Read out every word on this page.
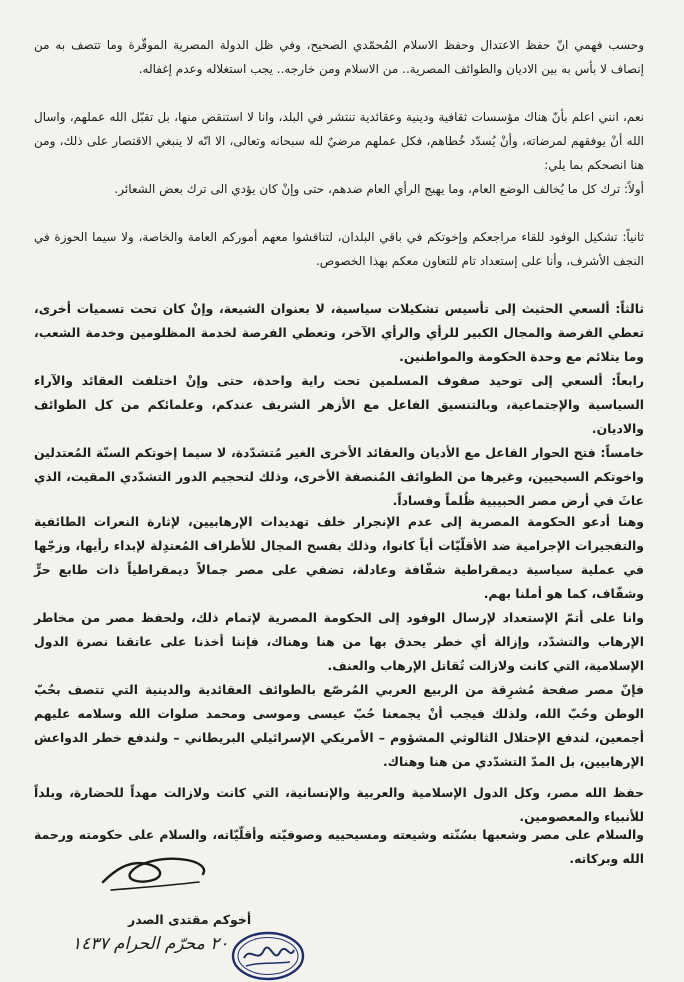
وحسب فهمي انّ حفظ الاعتدال وحفظ الاسلام المُحمّدي الصحيح، وفي ظل الدولة المصرية الموقّرة وما تتصف به من إنصاف لا بأس به بين الاديان والطوائف المصرية.. من الاسلام ومن خارجه.. يجب استغلاله وعدم إغفاله.
نعم، انني اعلم بأنّ هناك مؤسسات ثقافية ودينية وعقائدية تنتشر في البلد، وانا لا استنقص منها، بل تقبّل الله عملهم، واسال الله أنْ يوفقهم لمرضاته، وأنْ يُسدّد خُطاهم، فكل عملهم مرضيٌ لله سبحانه وتعالى، الا انّه لا ينبغي الاقتصار على ذلك، ومن هنا انصحكم بما يلي:
أولاً: ترك كل ما يُخالف الوضع العام، وما يهيج الرأي العام ضدهم، حتى وإنْ كان يؤدي الى ترك بعض الشعائر.
ثانياً: تشكيل الوفود للقاء مراجعكم وإخوتكم في باقي البلدان، لتناقشوا معهم أموركم العامة والخاصة، ولا سيما الحوزة في النجف الأشرف، وأنا على إستعداد تام للتعاون معكم بهذا الخصوص.
ثالثاً: ألسعي الحثيث إلى تأسيس تشكيلات سياسية، لا بعنوان الشيعة، وإنْ كان تحت تسميات أخرى، تعطي الفرصة والمجال الكبير للرأي والرأي الآخر، وتعطي الفرصة لخدمة المظلومين وخدمة الشعب، وما يتلائم مع وحدة الحكومة والمواطنين.
رابعاً: ألسعي إلى توحيد صفوف المسلمين تحت راية واحدة، حتى وإنْ اختلفت العقائد والآراء السياسية والإجتماعية، وبالتنسيق الفاعل مع الأزهر الشريف عندكم، وعلمائكم من كل الطوائف والاديان.
خامساً: فتح الحوار الفاعل مع الأديان والعقائد الأخرى الغير مُتشدّدة، لا سيما إخوتكم السنّة المُعتدلين واخوتكم السيحيين، وغيرها من الطوائف المُنصفة الأخرى، وذلك لتحجيم الدور التشدّدي المقيت، الذي عاثَ في أرض مصر الحبيبية ظُلماً وفساداً.
وهنا أدعو الحكومة المصرية إلى عدم الإنجرار خلف تهديدات الإرهابيين، لإثارة النعرات الطائفية والتفجيرات الإجرامية ضد الأقلّيّات أياً كانوا، وذلك بفسح المجال للأطراف المُعتدِلة لإبداء رأيها، وزجّها في عملية سياسية ديمقراطية شفّافة وعادلة، تضفي على مصر جمالاً ديمقراطياً ذات طابع حرٍّ وشفّاف، كما هو أملنا بهم.
وانا على أتمّ الإستعداد لإرسال الوفود إلى الحكومة المصرية لإتمام ذلك، ولحفظ مصر من مخاطر الإرهاب والتشدّد، وإزالة أي خطر يحدق بها من هنا وهناك، فإننا أخذنا على عاتقنا نصرة الدول الإسلامية، التي كانت ولازالت تُقاتل الإرهاب والعنف.
فإنّ مصر صفحة مُشرِقة من الربيع العربي المُرصّع بالطوائف العقائدية والدينية التي تتصف بحُبّ الوطن وحُبّ الله، ولذلك فيجب أنْ يجمعنا حُبّ عيسى وموسى ومحمد صلوات الله وسلامه عليهم أجمعين، لندفع الإحتلال الثالوثي المشؤوم – الأمريكي الإسرائيلي البريطاني – ولندفع خطر الدواعش الإرهابيين، بل المدّ التشدّدي من هنا وهناك.
حفظ الله مصر، وكل الدول الإسلامية والعربية والإنسانية، التي كانت ولازالت مهداً للحضارة، وبلداً للأنبياء والمعصومين.
والسلام على مصر وشعبها بسُنّته وشيعته ومسيحييه وصوفيّته وأقلّيّاته، والسلام على حكومته ورحمة الله وبركاته.
أخوكم مقتدى الصدر
٢٠ محرّم الحرام ١٤٣٧
